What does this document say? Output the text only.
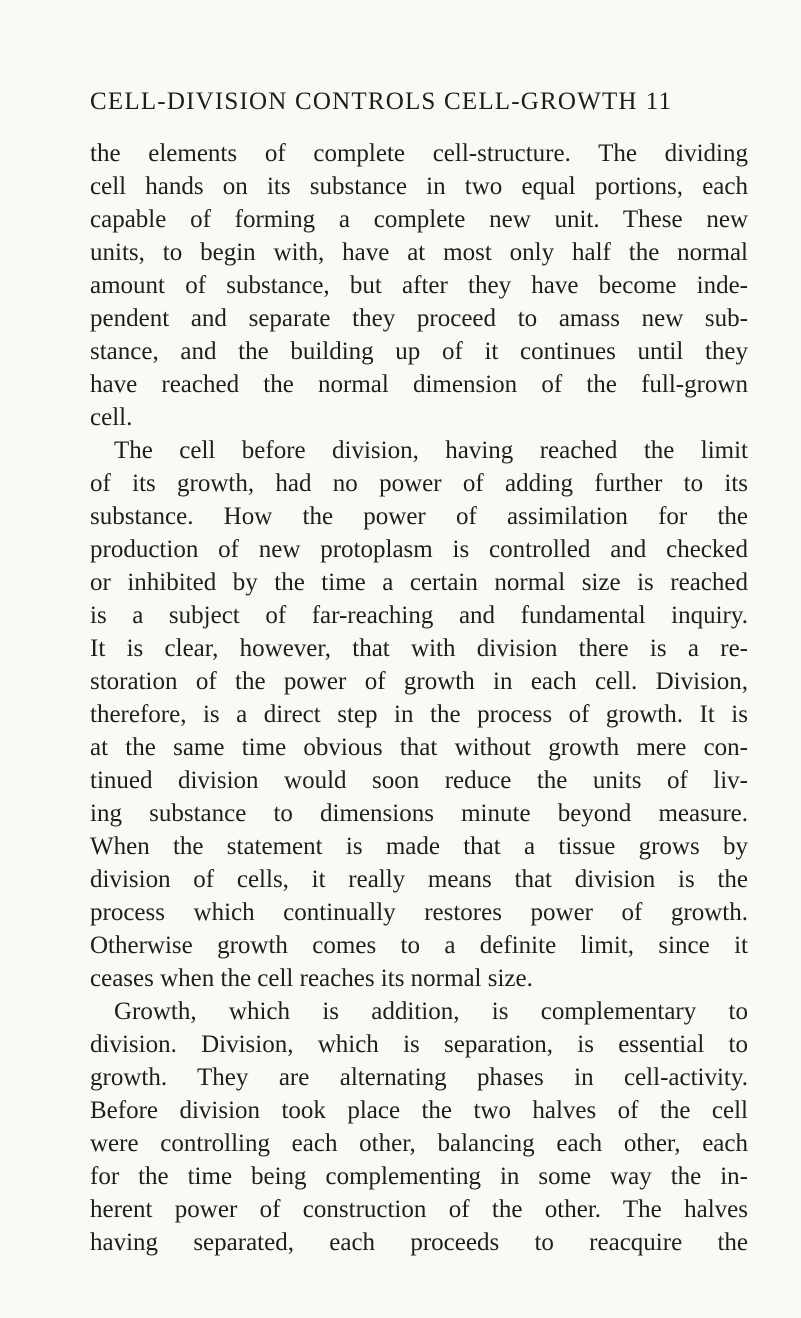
CELL-DIVISION CONTROLS CELL-GROWTH 11
the elements of complete cell-structure. The dividing
cell hands on its substance in two equal portions, each
capable of forming a complete new unit. These new
units, to begin with, have at most only half the normal
amount of substance, but after they have become inde-
pendent and separate they proceed to amass new sub-
stance, and the building up of it continues until they
have reached the normal dimension of the full-grown
cell.
The cell before division, having reached the limit
of its growth, had no power of adding further to its
substance. How the power of assimilation for the
production of new protoplasm is controlled and checked
or inhibited by the time a certain normal size is reached
is a subject of far-reaching and fundamental inquiry.
It is clear, however, that with division there is a re-
storation of the power of growth in each cell. Division,
therefore, is a direct step in the process of growth. It is
at the same time obvious that without growth mere con-
tinued division would soon reduce the units of liv-
ing substance to dimensions minute beyond measure.
When the statement is made that a tissue grows by
division of cells, it really means that division is the
process which continually restores power of growth.
Otherwise growth comes to a definite limit, since it
ceases when the cell reaches its normal size.
Growth, which is addition, is complementary to
division. Division, which is separation, is essential to
growth. They are alternating phases in cell-activity.
Before division took place the two halves of the cell
were controlling each other, balancing each other, each
for the time being complementing in some way the in-
herent power of construction of the other. The halves
having separated, each proceeds to reacquire the
